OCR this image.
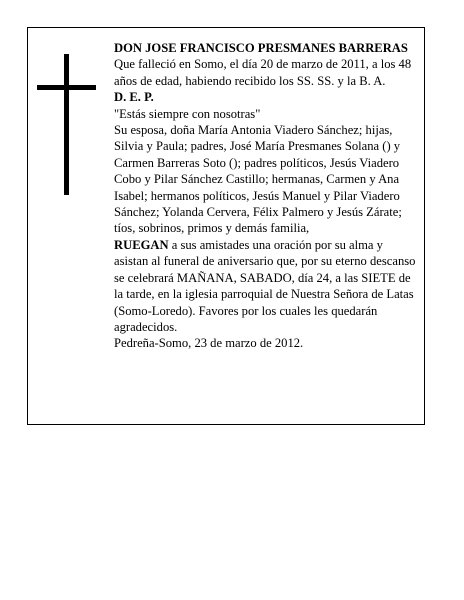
DON JOSE FRANCISCO PRESMANES BARRERAS

Que falleció en Somo, el día 20 de marzo de 2011, a los 48 años de edad, habiendo recibido los SS. SS. y la B. A.

D. E. P.

"Estás siempre con nosotras"

Su esposa, doña María Antonia Viadero Sánchez; hijas, Silvia y Paula; padres, José María Presmanes Solana () y Carmen Barreras Soto (); padres políticos, Jesús Viadero Cobo y Pilar Sánchez Castillo; hermanas, Carmen y Ana Isabel; hermanos políticos, Jesús Manuel y Pilar Viadero Sánchez; Yolanda Cervera, Félix Palmero y Jesús Zárate; tíos, sobrinos, primos y demás familia,

RUEGAN a sus amistades una oración por su alma y asistan al funeral de aniversario que, por su eterno descanso se celebrará MAÑANA, SABADO, día 24, a las SIETE de la tarde, en la iglesia parroquial de Nuestra Señora de Latas (Somo-Loredo). Favores por los cuales les quedarán agradecidos.

Pedreña-Somo, 23 de marzo de 2012.
